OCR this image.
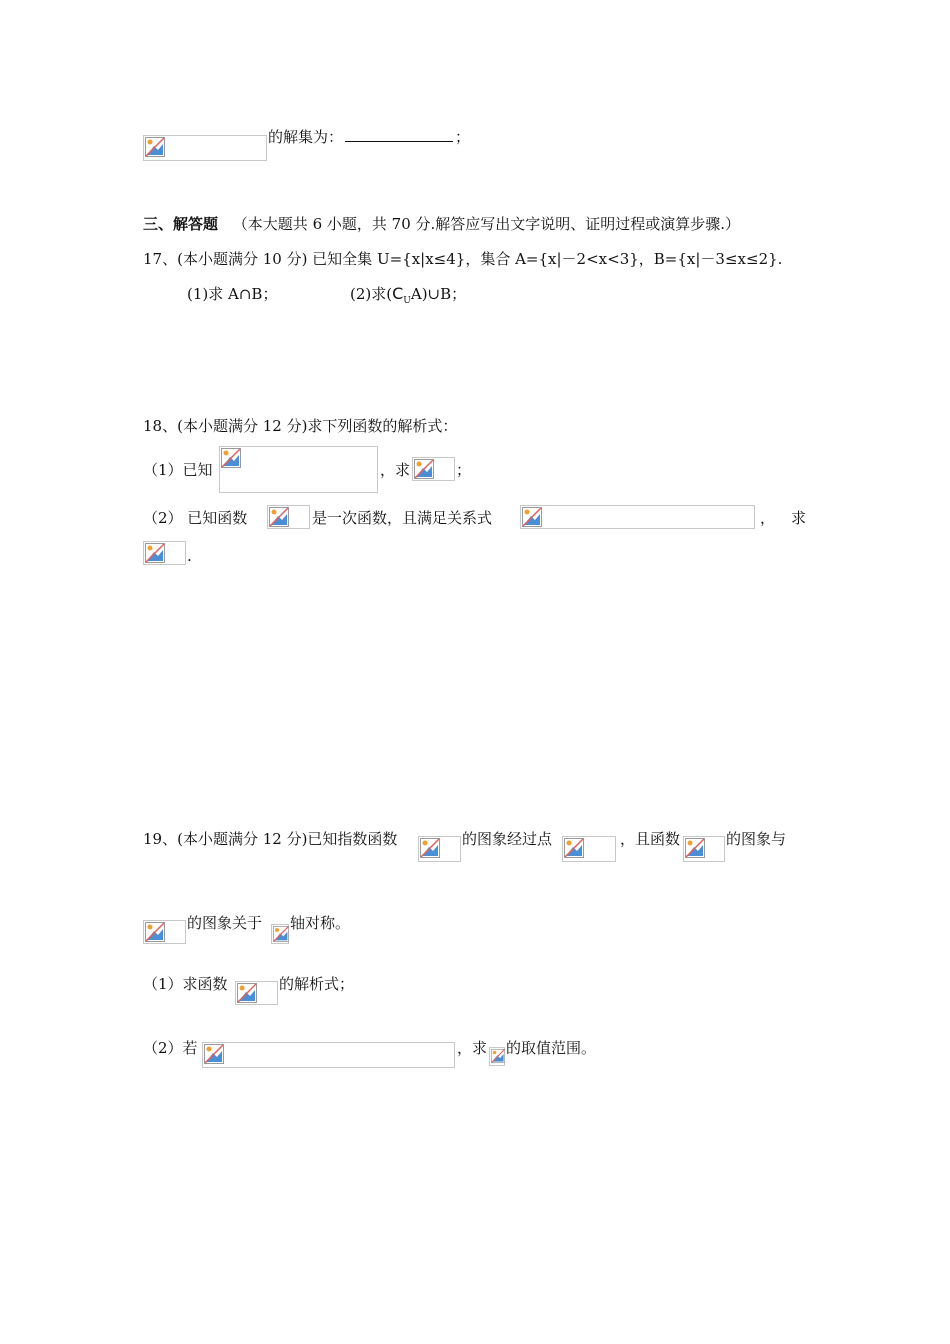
的解集为：	；
三、解答题 （本大题共 6 小题，共 70 分.解答应写出文字说明、证明过程或演算步骤.）
17、(本小题满分 10 分) 已知全集 U={x|x≤4}，集合 A={x|－2<x<3}，B={x|－3≤x≤2}.
(1)求 A∩B；	(2)求$(C_UA)\cup B$；
18、(本小题满分 12 分)求下列函数的解析式：
（1）已知	，求	；
（2） 已知函数	是一次函数，且满足关系式	， 求
.
19、(本小题满分 12 分)已知指数函数	的图象经过点	，且函数	的图象与
的图象关于 轴对称。
（1）求函数	的解析式；
（2）若	，求 的取值范围。
